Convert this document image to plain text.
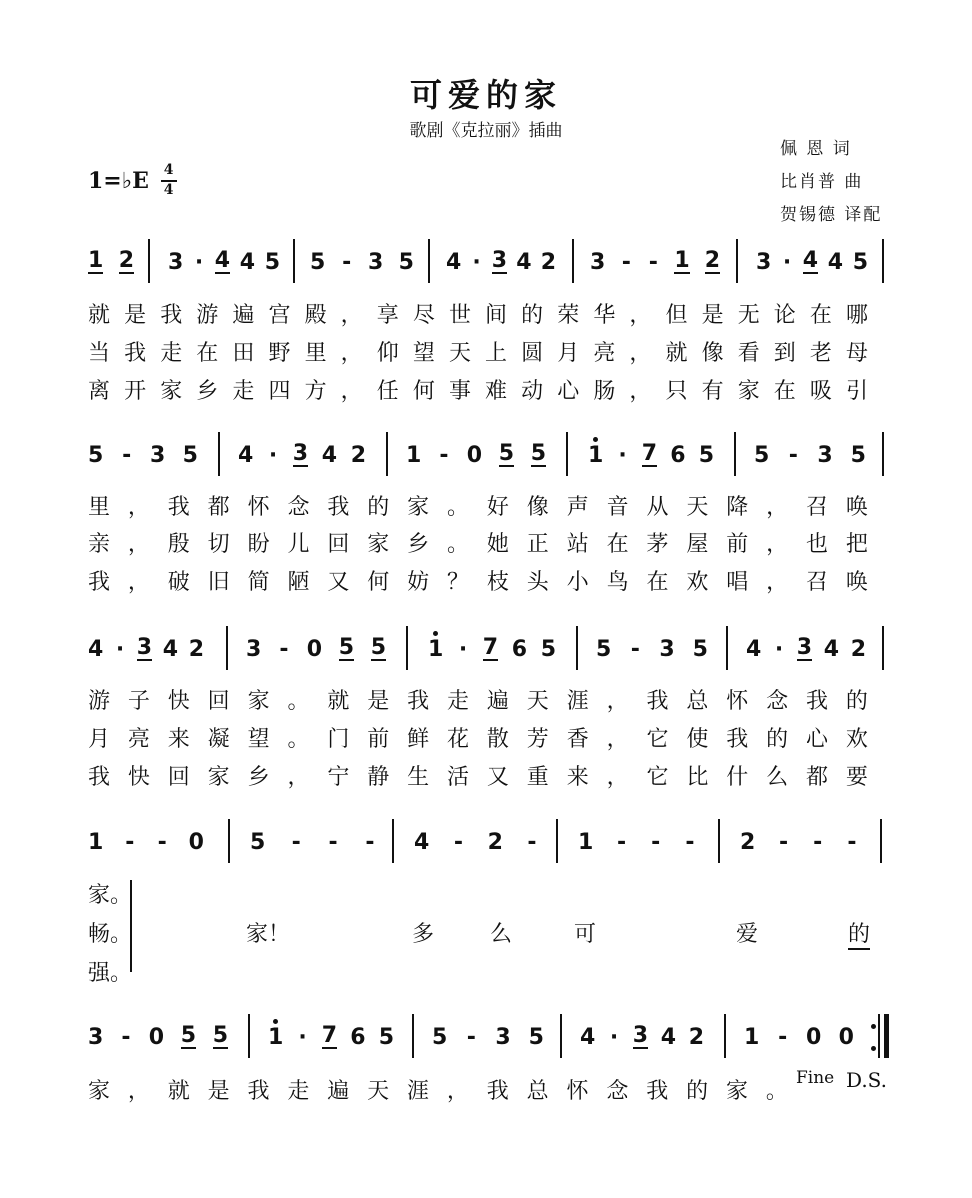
可爱的家
歌剧《克拉丽》插曲
佩 恩 词
比肖普 曲
贺锡德 译配
1=♭E $\frac{4}{4}$
1 2 3 · 4 4 5 5 - 3 5 4 · 3 4 2 3 - - 1 2 3 · 4 4 5
就 是 我 游 遍 宫 殿 ， 享 尽 世 间 的 荣 华 ， 但 是 无 论 在 哪
当 我 走 在 田 野 里 ， 仰 望 天 上 圆 月 亮 ， 就 像 看 到 老 母
离 开 家 乡 走 四 方 ， 任 何 事 难 动 心 肠 ， 只 有 家 在 吸 引
5 - 3 5 4 · 3 4 2 1 - 0 5 5 1 · 7 6 5 5 - 3 5
里 ， 我 都 怀 念 我 的 家 。 好 像 声 音 从 天 降 ， 召 唤
亲 ， 殷 切 盼 儿 回 家 乡 。 她 正 站 在 茅 屋 前 ， 也 把
我 ， 破 旧 简 陋 又 何 妨 ？ 枝 头 小 鸟 在 欢 唱 ， 召 唤
4 · 3 4 2 3 - 0 5 5 1 · 7 6 5 5 - 3 5 4 · 3 4 2
游 子 快 回 家 。 就 是 我 走 遍 天 涯 ， 我 总 怀 念 我 的
月 亮 来 凝 望 。 门 前 鲜 花 散 芳 香 ， 它 使 我 的 心 欢
我 快 回 家 乡 ， 宁 静 生 活 又 重 来 ， 它 比 什 么 都 要
1 - - 0 5 - - - 4 - 2 - 1 - - - 2 - - -
家。
畅。
强。
家！	多	么	可	爱	的
3 - 0 5 5 1 · 7 6 5 5 - 3 5 4 · 3 4 2 1 - 0 0
家 ， 就 是 我 走 遍 天 涯 ， 我 总 怀 念 我 的 家 。
Fine D.S.
